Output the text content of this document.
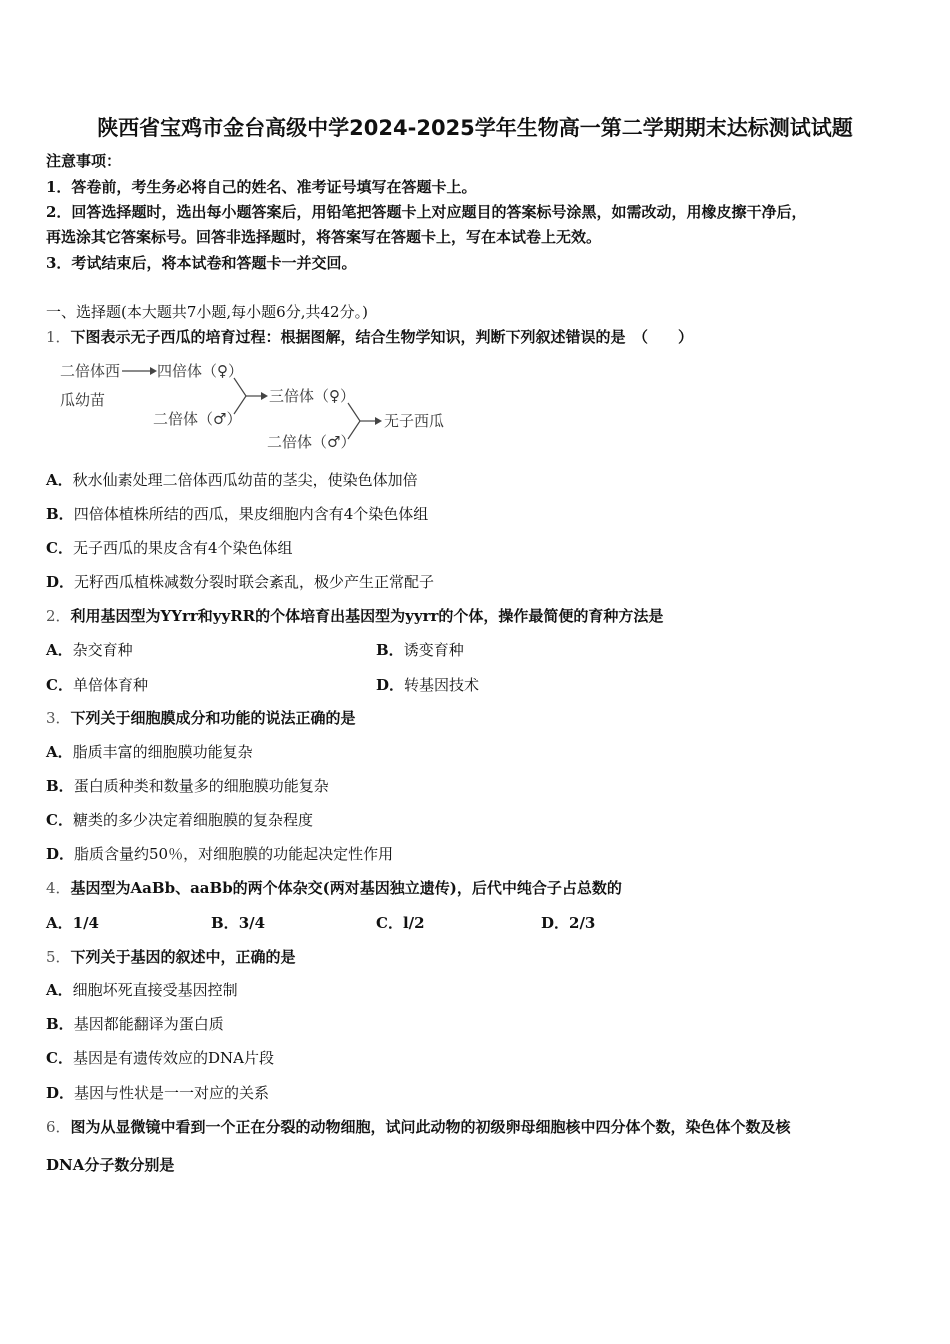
陕西省宝鸡市金台高级中学2024-2025学年生物高一第二学期期末达标测试试题
注意事项：
1．答卷前，考生务必将自己的姓名、准考证号填写在答题卡上。
2．回答选择题时，选出每小题答案后，用铅笔把答题卡上对应题目的答案标号涂黑，如需改动，用橡皮擦干净后，
再选涂其它答案标号。回答非选择题时，将答案写在答题卡上，写在本试卷上无效。
3．考试结束后，将本试卷和答题卡一并交回。
一、选择题(本大题共7小题,每小题6分,共42分。)
1．下图表示无子西瓜的培育过程：根据图解，结合生物学知识，判断下列叙述错误的是　（　　）
二倍体西
瓜幼苗
四倍体（♀）
二倍体（♂）
三倍体（♀）
二倍体（♂）
无子西瓜
A．秋水仙素处理二倍体西瓜幼苗的茎尖，使染色体加倍
B．四倍体植株所结的西瓜，果皮细胞内含有4个染色体组
C．无子西瓜的果皮含有4个染色体组
D．无籽西瓜植株减数分裂时联会紊乱，极少产生正常配子
2．利用基因型为YYrr和yyRR的个体培育出基因型为yyrr的个体，操作最简便的育种方法是
A．杂交育种	B．诱变育种
C．单倍体育种	D．转基因技术
3．下列关于细胞膜成分和功能的说法正确的是
A．脂质丰富的细胞膜功能复杂
B．蛋白质种类和数量多的细胞膜功能复杂
C．糖类的多少决定着细胞膜的复杂程度
D．脂质含量约50％，对细胞膜的功能起决定性作用
4．基因型为AaBb、aaBb的两个体杂交(两对基因独立遗传)，后代中纯合子占总数的
A．1/4	B．3/4	C．l/2	D．2/3
5．下列关于基因的叙述中，正确的是
A．细胞坏死直接受基因控制
B．基因都能翻译为蛋白质
C．基因是有遗传效应的DNA片段
D．基因与性状是一一对应的关系
6．图为从显微镜中看到一个正在分裂的动物细胞，试问此动物的初级卵母细胞核中四分体个数，染色体个数及核
DNA分子数分别是
